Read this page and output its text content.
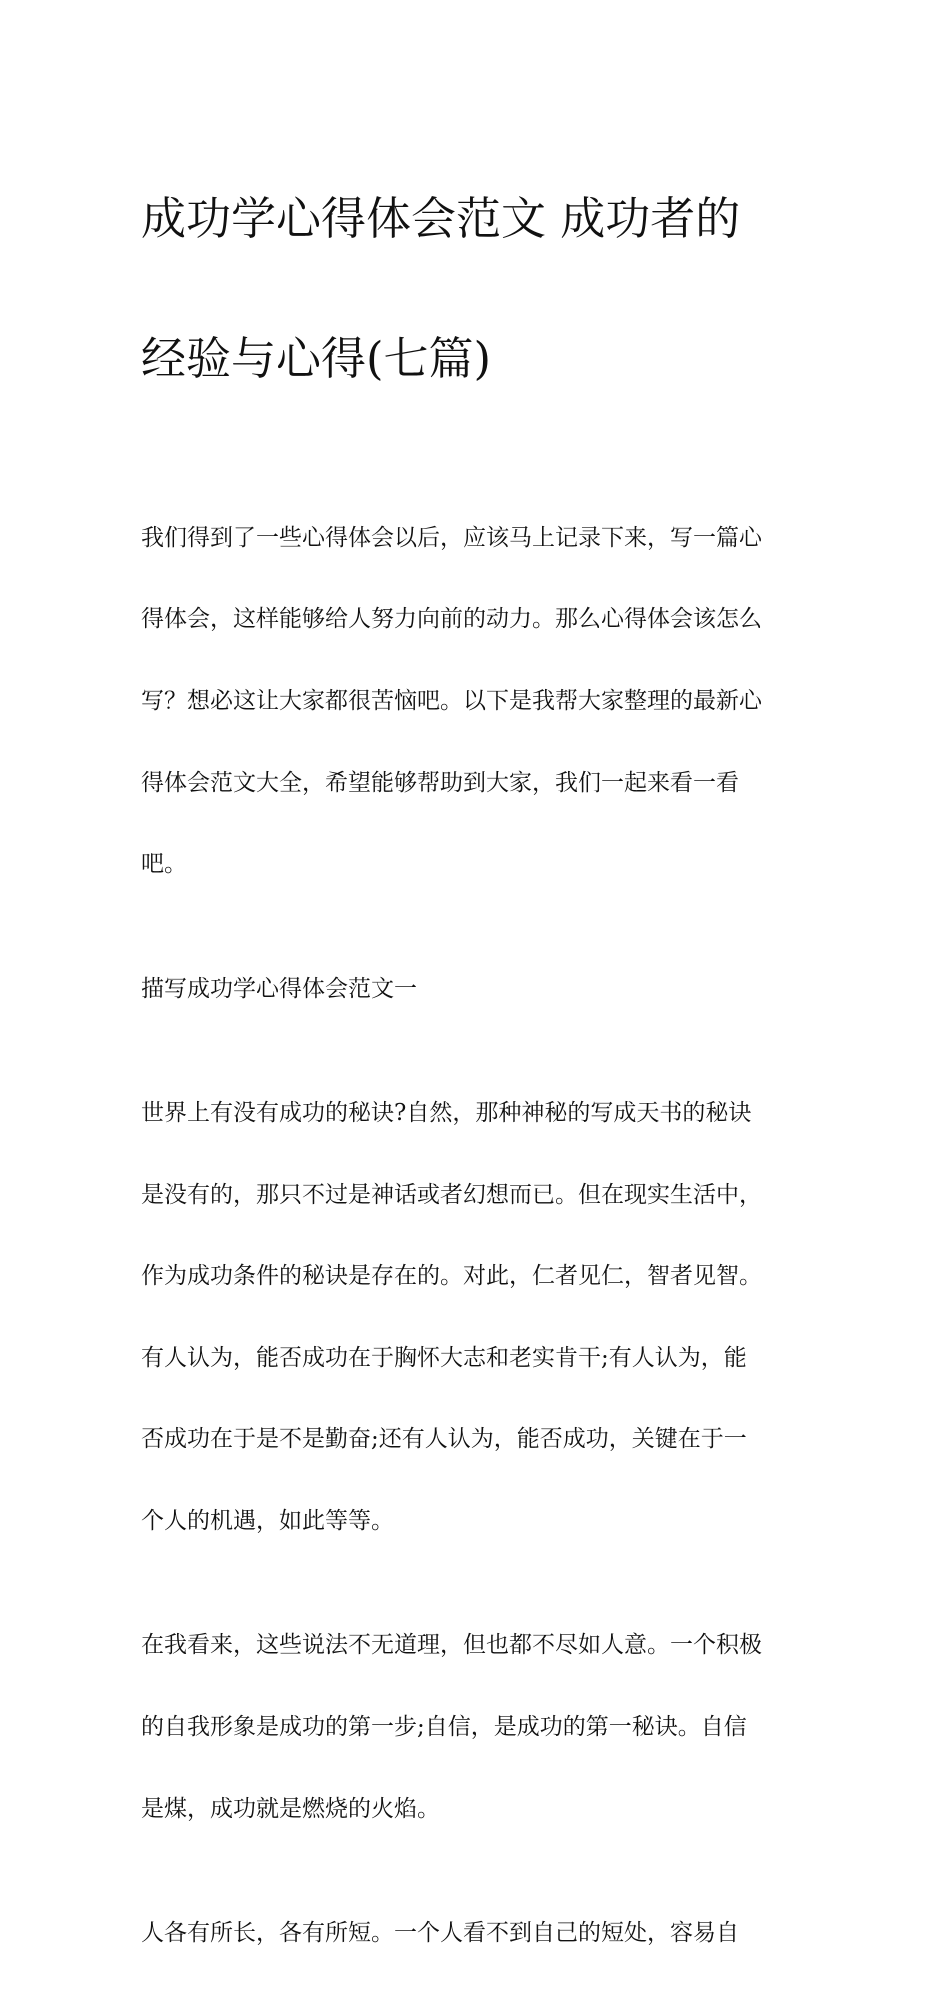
成功学心得体会范文 成功者的

经验与心得(七篇)

我们得到了一些心得体会以后，应该马上记录下来，写一篇心

得体会，这样能够给人努力向前的动力。那么心得体会该怎么

写？想必这让大家都很苦恼吧。以下是我帮大家整理的最新心

得体会范文大全，希望能够帮助到大家，我们一起来看一看

吧。

描写成功学心得体会范文一

世界上有没有成功的秘诀?自然，那种神秘的写成天书的秘诀

是没有的，那只不过是神话或者幻想而已。但在现实生活中，

作为成功条件的秘诀是存在的。对此，仁者见仁，智者见智。

有人认为，能否成功在于胸怀大志和老实肯干;有人认为，能

否成功在于是不是勤奋;还有人认为，能否成功，关键在于一

个人的机遇，如此等等。

在我看来，这些说法不无道理，但也都不尽如人意。一个积极

的自我形象是成功的第一步;自信，是成功的第一秘诀。自信

是煤，成功就是燃烧的火焰。

人各有所长，各有所短。一个人看不到自己的短处，容易自
